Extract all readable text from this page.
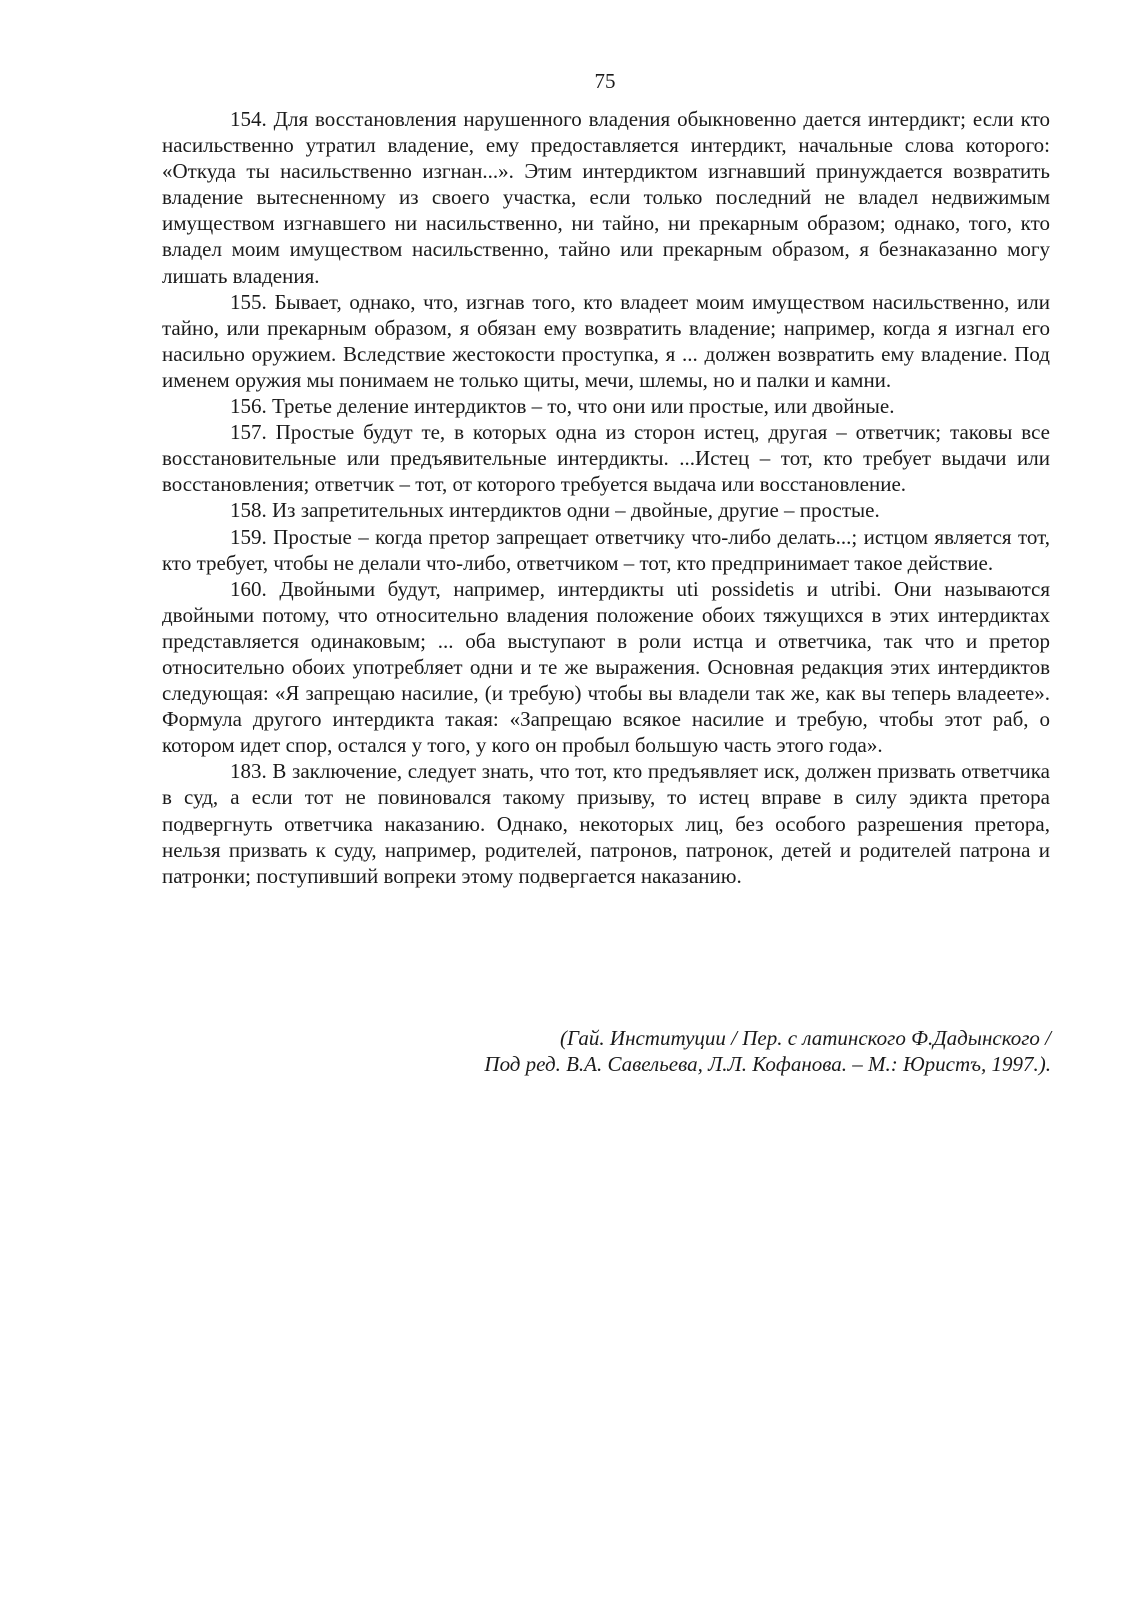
75

154. Для восстановления нарушенного владения обыкновенно дается интердикт; если кто насильственно утратил владение, ему предоставляется интердикт, начальные слова которого: «Откуда ты насильственно изгнан...». Этим интердиктом изгнавший принуждается возвратить владение вытесненному из своего участка, если только последний не владел недвижимым имуществом изгнавшего ни насильственно, ни тайно, ни прекарным образом; однако, того, кто владел моим имуществом насильственно, тайно или прекарным образом, я безнаказанно могу лишать владения.

155. Бывает, однако, что, изгнав того, кто владеет моим имуществом насильственно, или тайно, или прекарным образом, я обязан ему возвратить владение; например, когда я изгнал его насильно оружием. Вследствие жестокости проступка, я ... должен возвратить ему владение. Под именем оружия мы понимаем не только щиты, мечи, шлемы, но и палки и камни.

156. Третье деление интердиктов – то, что они или простые, или двойные.

157. Простые будут те, в которых одна из сторон истец, другая – ответчик; таковы все восстановительные или предъявительные интердикты. ...Истец – тот, кто требует выдачи или восстановления; ответчик – тот, от которого требуется выдача или восстановление.

158. Из запретительных интердиктов одни – двойные, другие – простые.

159. Простые – когда претор запрещает ответчику что-либо делать...; истцом является тот, кто требует, чтобы не делали что-либо, ответчиком – тот, кто предпринимает такое действие.

160. Двойными будут, например, интердикты uti possidetis и utribi. Они называются двойными потому, что относительно владения положение обоих тяжущихся в этих интердиктах представляется одинаковым; ... оба выступают в роли истца и ответчика, так что и претор относительно обоих употребляет одни и те же выражения. Основная редакция этих интердиктов следующая: «Я запрещаю насилие, (и требую) чтобы вы владели так же, как вы теперь владеете». Формула другого интердикта такая: «Запрещаю всякое насилие и требую, чтобы этот раб, о котором идет спор, остался у того, у кого он пробыл большую часть этого года».

183. В заключение, следует знать, что тот, кто предъявляет иск, должен призвать ответчика в суд, а если тот не повиновался такому призыву, то истец вправе в силу эдикта претора подвергнуть ответчика наказанию. Однако, некоторых лиц, без особого разрешения претора, нельзя призвать к суду, например, родителей, патронов, патронок, детей и родителей патрона и патронки; поступивший вопреки этому подвергается наказанию.

(Гай. Институции / Пер. с латинского Ф.Дадынского /
Под ред. В.А. Савельева, Л.Л. Кофанова. – М.: Юристъ, 1997.).
